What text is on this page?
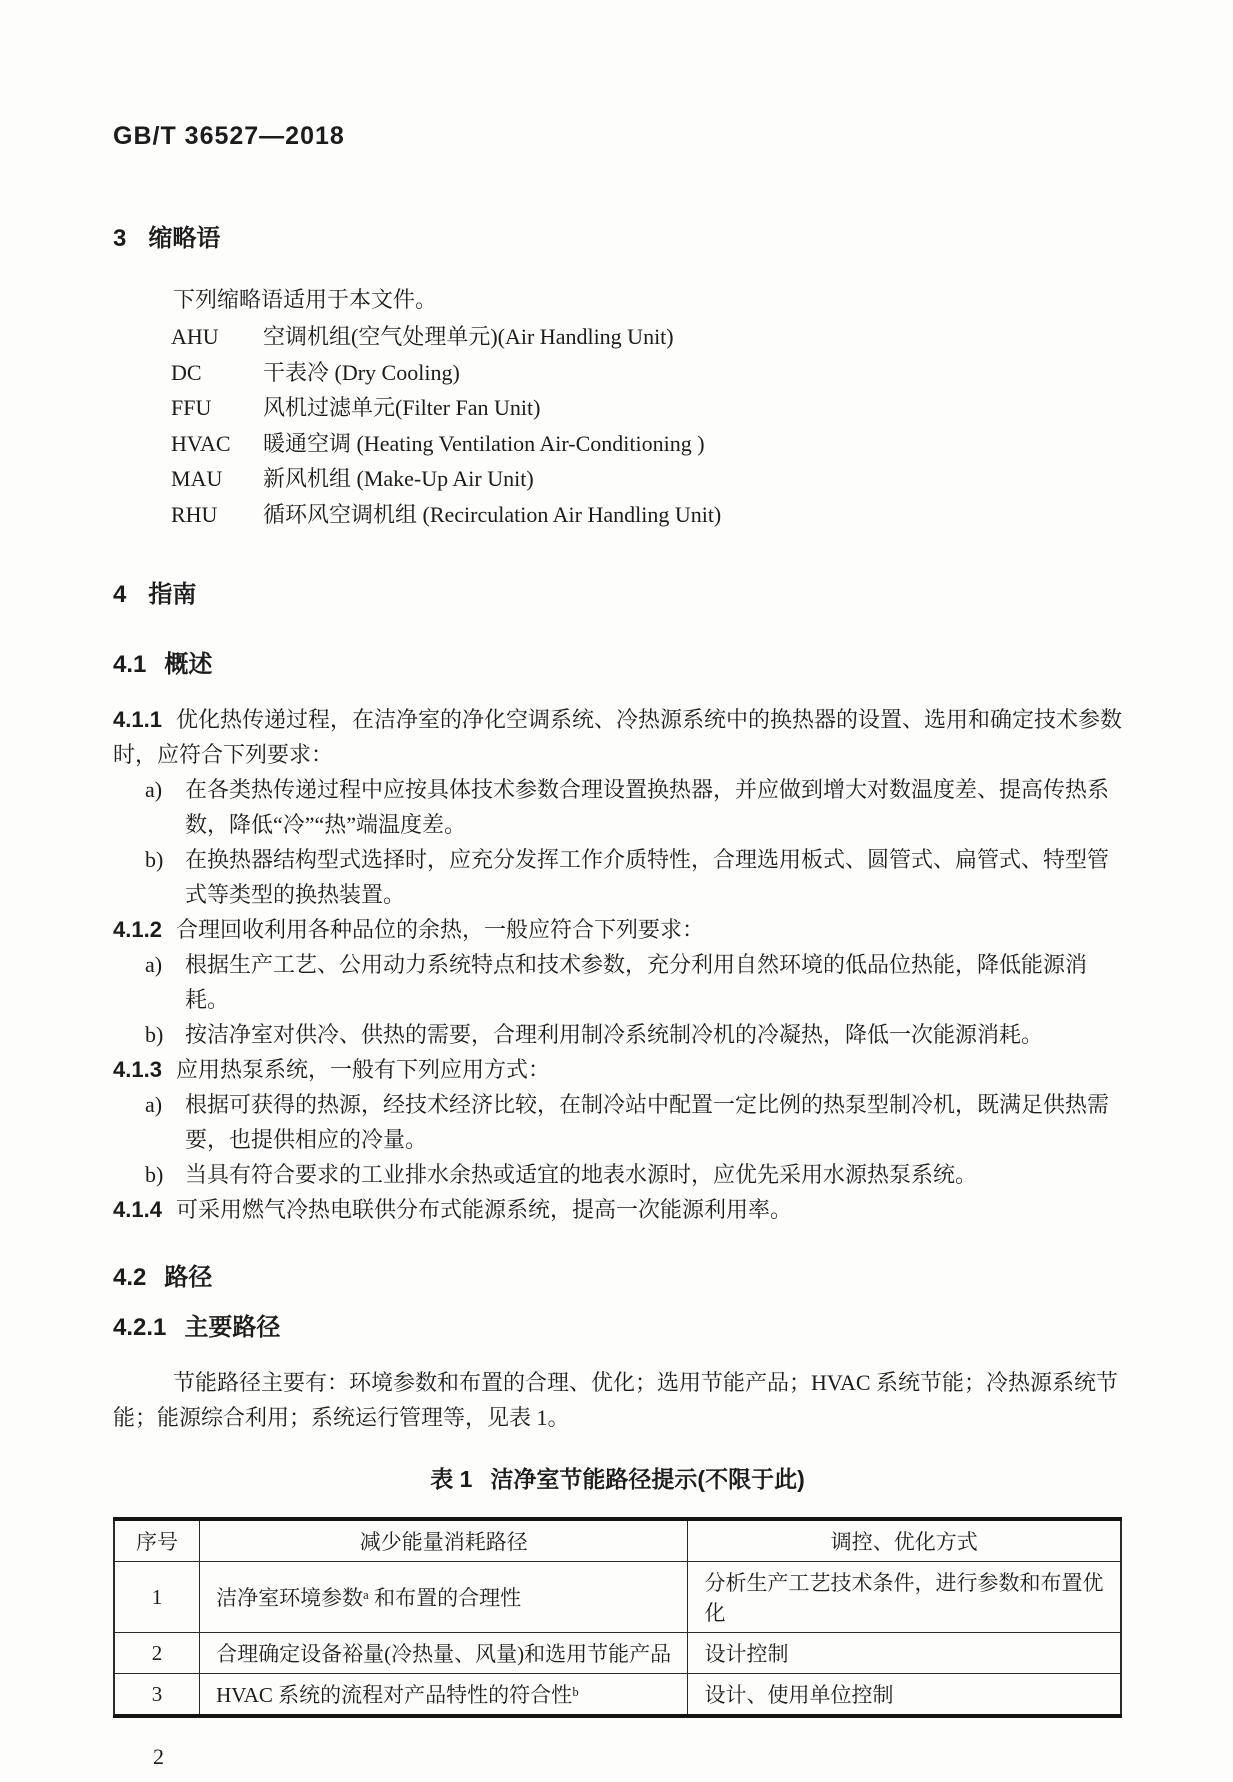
GB/T 36527—2018
3 缩略语

下列缩略语适用于本文件。

AHU 空调机组(空气处理单元)(Air Handling Unit)
DC	干表冷 (Dry Cooling)
FFU 风机过滤单元(Filter Fan Unit)
HVAC 暖通空调 (Heating Ventilation Air-Conditioning )
MAU 新风机组 (Make-Up Air Unit)
RHU 循环风空调机组 (Recirculation Air Handling Unit)
4 指南
4.1 概述

4.1.1 优化热传递过程，在洁净室的净化空调系统、冷热源系统中的换热器的设置、选用和确定技术参数时，应符合下列要求：

a) 在各类热传递过程中应按具体技术参数合理设置换热器，并应做到增大对数温度差、提高传热系数，降低“冷”“热”端温度差。
b) 在换热器结构型式选择时，应充分发挥工作介质特性，合理选用板式、圆管式、扁管式、特型管式等类型的换热装置。

4.1.2 合理回收利用各种品位的余热，一般应符合下列要求：

a) 根据生产工艺、公用动力系统特点和技术参数，充分利用自然环境的低品位热能，降低能源消耗。
b) 按洁净室对供冷、供热的需要，合理利用制冷系统制冷机的冷凝热，降低一次能源消耗。

4.1.3 应用热泵系统，一般有下列应用方式：

a) 根据可获得的热源，经技术经济比较，在制冷站中配置一定比例的热泵型制冷机，既满足供热需要，也提供相应的冷量。
b) 当具有符合要求的工业排水余热或适宜的地表水源时，应优先采用水源热泵系统。

4.1.4 可采用燃气冷热电联供分布式能源系统，提高一次能源利用率。

4.2 路径
4.2.1 主要路径

节能路径主要有：环境参数和布置的合理、优化；选用节能产品；HVAC 系统节能；冷热源系统节能；能源综合利用；系统运行管理等，见表 1。

表 1 洁净室节能路径提示(不限于此)

序号	减少能量消耗路径	调控、优化方式
1	洁净室环境参数ᵃ 和布置的合理性	分析生产工艺技术条件，进行参数和布置优化
2	合理确定设备裕量(冷热量、风量)和选用节能产品	设计控制
3	HVAC 系统的流程对产品特性的符合性ᵇ	设计、使用单位控制
2
